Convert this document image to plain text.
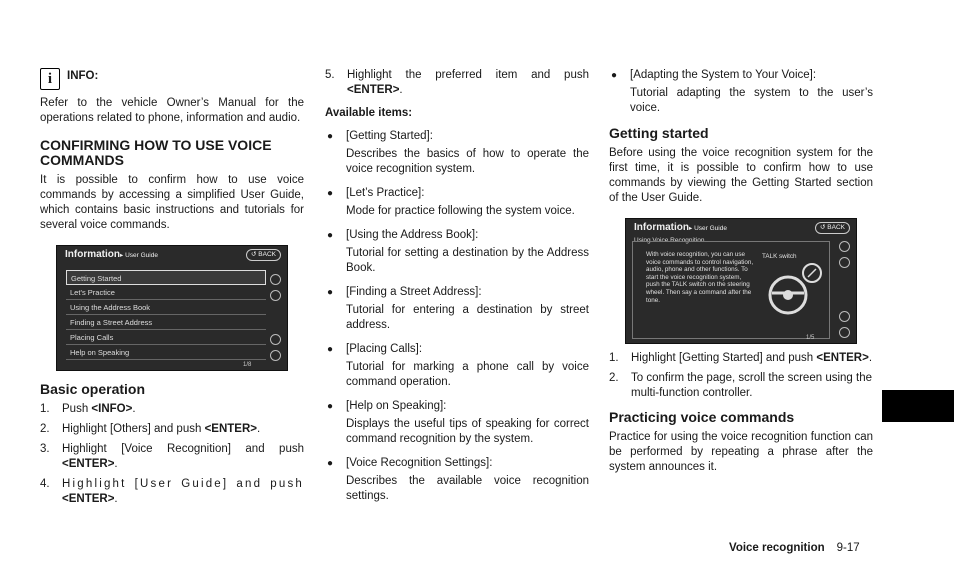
i INFO:

Refer to the vehicle Owner’s Manual for the operations related to phone, information and audio.

CONFIRMING HOW TO USE VOICE COMMANDS

It is possible to confirm how to use voice commands by accessing a simplified User Guide, which contains basic instructions and tutorials for several voice commands.

Information▸ User Guide	↺ BACK
Getting Started
Let’s Practice
Using the Address Book
Finding a Street Address
Placing Calls
Help on Speaking
1/8
Basic operation
1.	Push <INFO>.
2.	Highlight [Others] and push <ENTER>.
3.	Highlight [Voice Recognition] and push <ENTER>.
4.	Highlight [User Guide] and push <ENTER>.
5.	Highlight the preferred item and push <ENTER>.
Available items:
●	[Getting Started]:
Describes the basics of how to operate the voice recognition system.
●	[Let’s Practice]:
Mode for practice following the system voice.
●	[Using the Address Book]:
Tutorial for setting a destination by the Address Book.
●	[Finding a Street Address]:
Tutorial for entering a destination by street address.
●	[Placing Calls]:
Tutorial for marking a phone call by voice command operation.
●	[Help on Speaking]:
Displays the useful tips of speaking for correct command recognition by the system.
●	[Voice Recognition Settings]:
Describes the available voice recognition settings.
●	[Adapting the System to Your Voice]:
Tutorial adapting the system to the user’s voice.
Getting started

Before using the voice recognition system for the first time, it is possible to confirm how to use commands by viewing the Getting Started section of the User Guide.

Information▸ User Guide	↺ BACK
Using Voice Recognition
With voice recognition, you can use voice commands to control navigation, audio, phone and other functions. To start the voice recognition system, push the TALK switch on the steering wheel. Then say a command after the tone.
TALK switch
1/5
1.	Highlight [Getting Started] and push <ENTER>.
2.	To confirm the page, scroll the screen using the multi-function controller.
Practicing voice commands

Practice for using the voice recognition function can be performed by repeating a phrase after the system announces it.

Voice recognition 9-17
